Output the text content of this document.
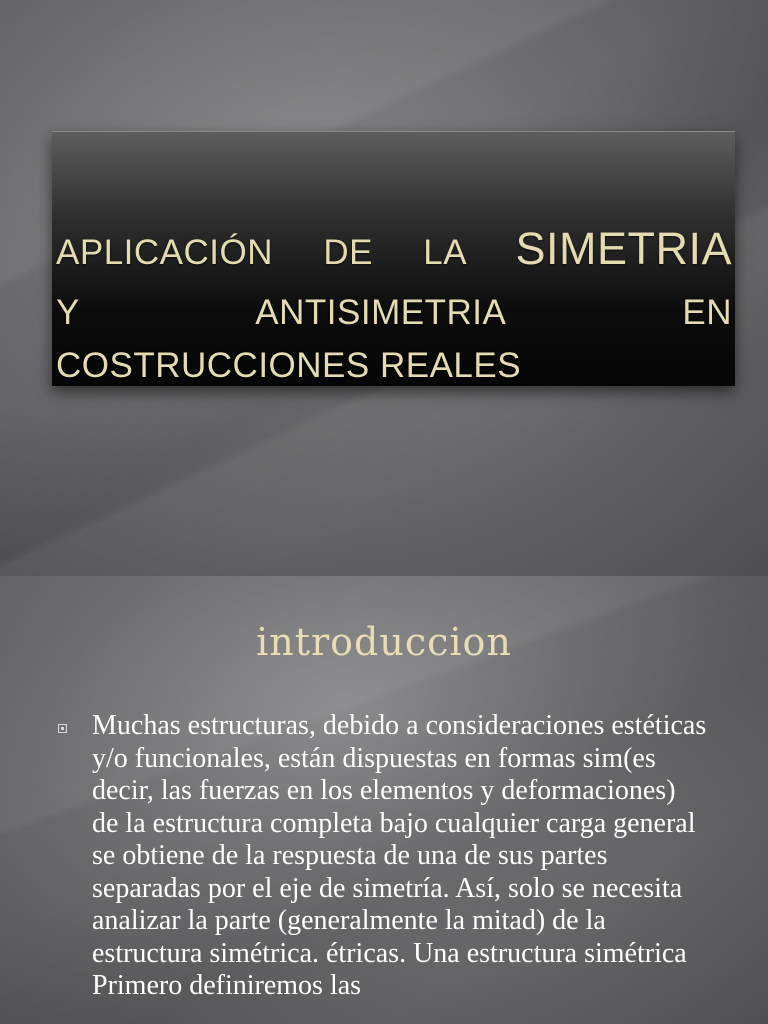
APLICACIÓN DE LA SIMETRIA
Y ANTISIMETRIA EN
COSTRUCCIONES REALES
introduccion
Muchas estructuras, debido a consideraciones estéticas y/o funcionales, están dispuestas en formas sim(es decir, las fuerzas en los elementos y deformaciones) de la estructura completa bajo cualquier carga general se obtiene de la respuesta de una de sus partes separadas por el eje de simetría. Así, solo se necesita analizar la parte (generalmente la mitad) de la estructura simétrica. étricas. Una estructura simétrica Primero definiremos las
